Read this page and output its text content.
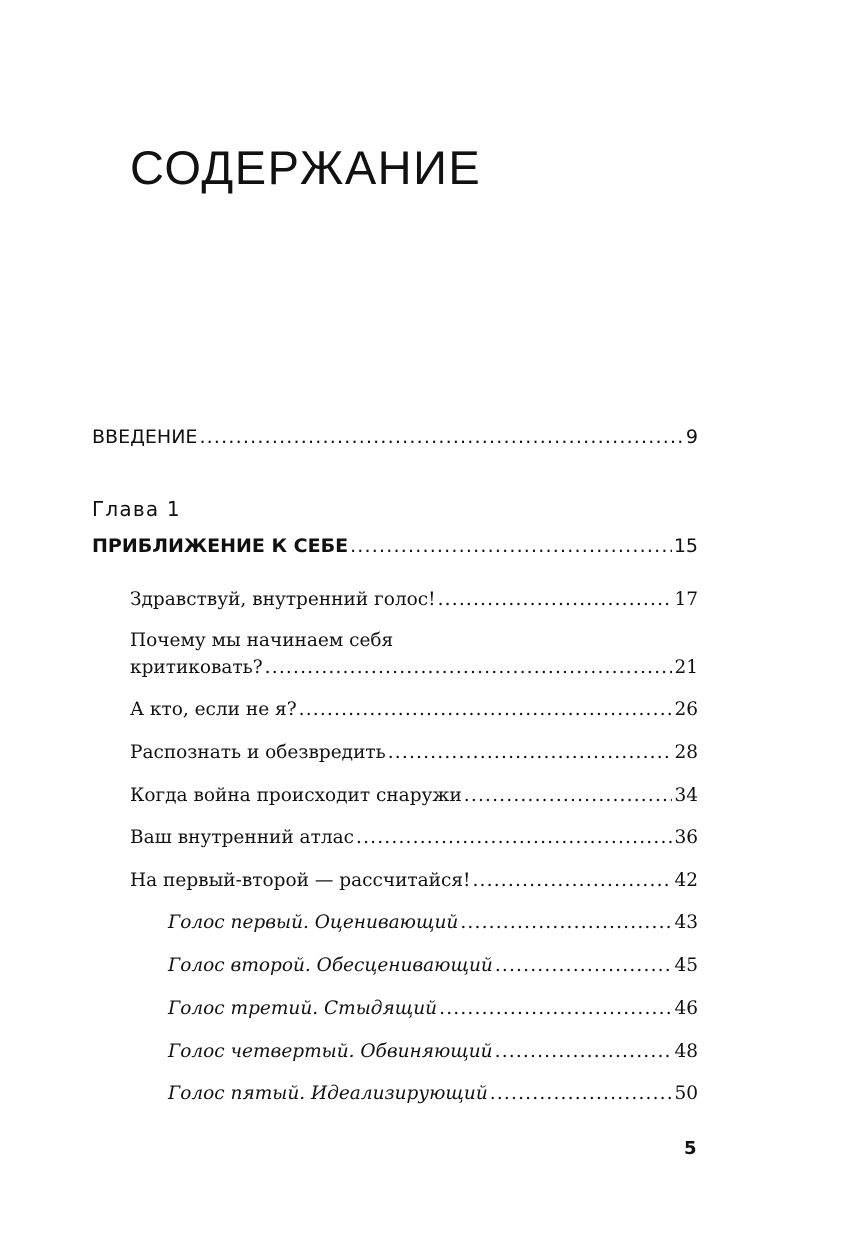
СОДЕРЖАНИЕ
ВВЕДЕНИЕ .....	9
Глава 1
ПРИБЛИЖЕНИЕ К СЕБЕ .....	15
Здравствуй, внутренний голос! .....	17
Почему мы начинаем себя
критиковать? .....	21
А кто, если не я? .....	26
Распознать и обезвредить .....	28
Когда война происходит снаружи .....	34
Ваш внутренний атлас .....	36
На первый-второй — рассчитайся! .....	42
Голос первый. Оценивающий .....	43
Голос второй. Обесценивающий .....	45
Голос третий. Стыдящий .....	46
Голос четвертый. Обвиняющий .....	48
Голос пятый. Идеализирующий .....	50
5
